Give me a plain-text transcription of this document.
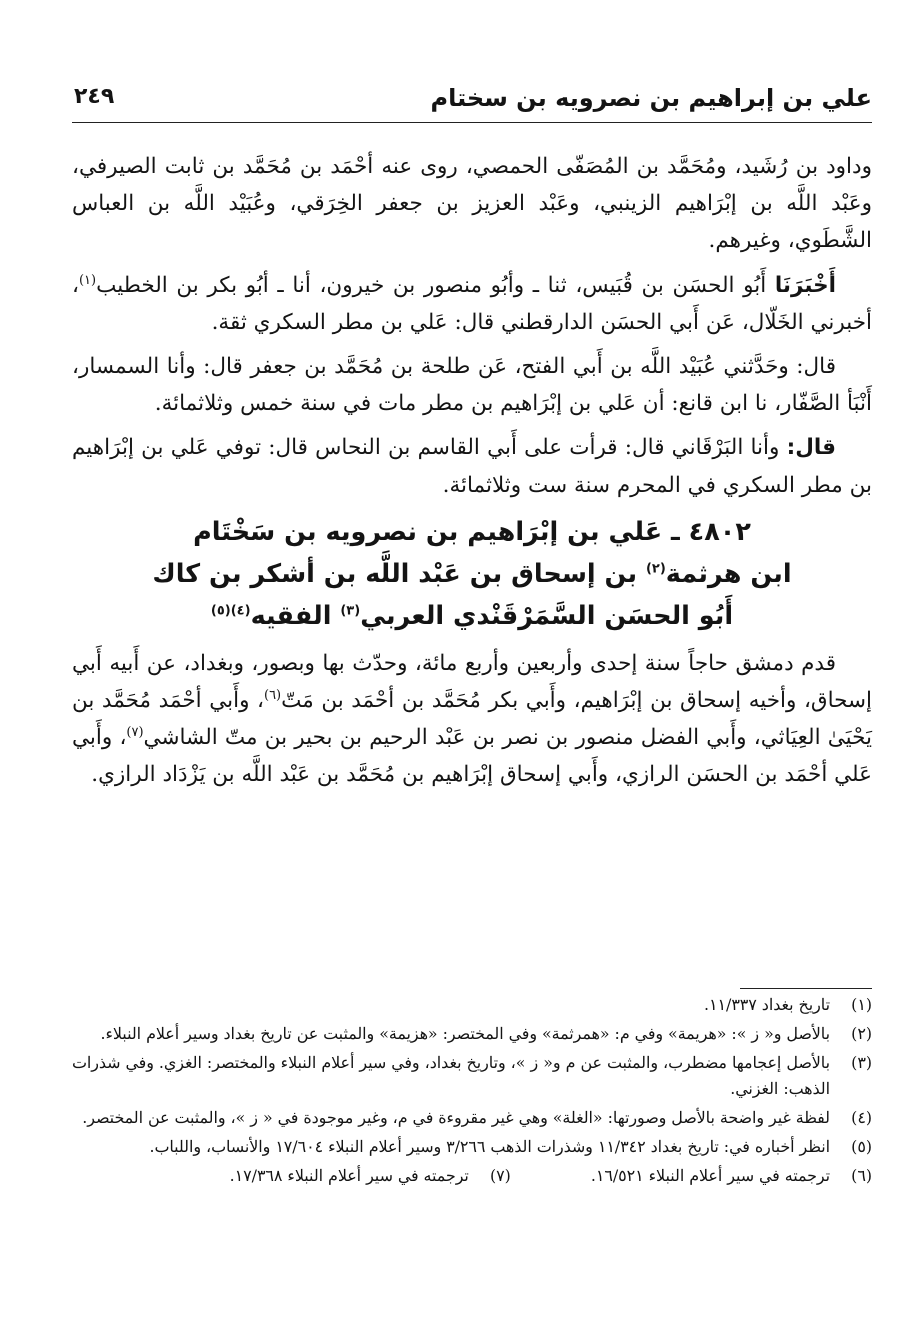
علي بن إبراهيم بن نصرويه بن سختام
٢٤٩

وداود بن رُشَيد، ومُحَمَّد بن المُصَفّى الحمصي، روى عنه أحْمَد بن مُحَمَّد بن ثابت الصيرفي، وعَبْد اللَّه بن إبْرَاهيم الزينبي، وعَبْد العزيز بن جعفر الخِرَقي، وعُبَيْد اللَّه بن العباس الشَّطَوي، وغيرهم.

أَخْبَرَنَا أَبُو الحسَن بن قُبَيس، ثنا ـ وأبُو منصور بن خيرون، أنا ـ أبُو بكر بن الخطيب$^{(١)}$، أخبرني الخَلّال، عَن أَبي الحسَن الدارقطني قال: عَلي بن مطر السكري ثقة.

قال: وحَدَّثني عُبَيْد اللَّه بن أَبي الفتح، عَن طلحة بن مُحَمَّد بن جعفر قال: وأنا السمسار، أَنْبَأ الصَّفّار، نا ابن قانع: أن عَلي بن إبْرَاهيم بن مطر مات في سنة خمس وثلاثمائة.

قال: وأنا البَرْقَاني قال: قرأت على أَبي القاسم بن النحاس قال: توفي عَلي بن إبْرَاهيم بن مطر السكري في المحرم سنة ست وثلاثمائة.

٤٨٠٢ ـ عَلي بن إبْرَاهيم بن نصرويه بن سَخْتَام
ابن هرثمة$^{(٢)}$ بن إسحاق بن عَبْد اللَّه بن أشكر بن كاك
أَبُو الحسَن السَّمَرْقَنْدي العربي$^{(٣)}$ الفقيه$^{(٤)(٥)}$

قدم دمشق حاجاً سنة إحدى وأربعين وأربع مائة، وحدّث بها وبصور، وبغداد، عن أَبيه أَبي إسحاق، وأخيه إسحاق بن إبْرَاهيم، وأَبي بكر مُحَمَّد بن أحْمَد بن مَتّ$^{(٦)}$، وأَبي أحْمَد مُحَمَّد بن يَحْيَىٰ العِيَاثي، وأَبي الفضل منصور بن نصر بن عَبْد الرحيم بن بحير بن متّ الشاشي$^{(٧)}$، وأَبي عَلي أحْمَد بن الحسَن الرازي، وأَبي إسحاق إبْرَاهيم بن مُحَمَّد بن عَبْد اللَّه بن يَزْدَاد الرازي.

(١)
تاريخ بغداد ١١/٣٣٧.
(٢)
بالأصل و« ز »: «هريمة» وفي م: «همرثمة» وفي المختصر: «هزيمة» والمثبت عن تاريخ بغداد وسير أعلام النبلاء.
(٣)
بالأصل إعجامها مضطرب، والمثبت عن م و« ز »، وتاريخ بغداد، وفي سير أعلام النبلاء والمختصر: الغزي. وفي شذرات الذهب: الغزني.
(٤)
لفظة غير واضحة بالأصل وصورتها: «الغلة» وهي غير مقروءة في م، وغير موجودة في « ز »، والمثبت عن المختصر.
(٥)
انظر أخباره في: تاريخ بغداد ١١/٣٤٢ وشذرات الذهب ٣/٢٦٦ وسير أعلام النبلاء ١٧/٦٠٤ والأنساب، واللباب.
(٦)
ترجمته في سير أعلام النبلاء ١٦/٥٢١.
(٧)
ترجمته في سير أعلام النبلاء ١٧/٣٦٨.
